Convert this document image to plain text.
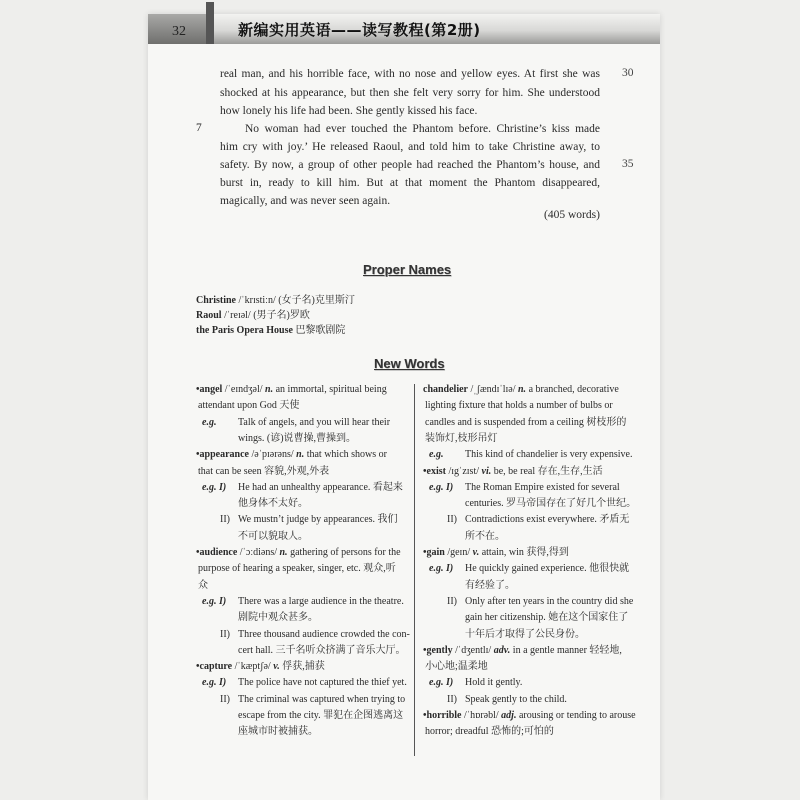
32	新编实用英语——读写教程(第2册)
real man, and his horrible face, with no nose and yellow eyes. At first she was
shocked at his appearance, but then she felt very sorry for him. She understood
how lonely his life had been. She gently kissed his face.
7	No woman had ever touched the Phantom before. Christine’s kiss made
him cry with joy.’ He released Raoul, and told him to take Christine away, to
safety. By now, a group of other people had reached the Phantom’s house, and
burst in, ready to kill him. But at that moment the Phantom disappeared,
magically, and was never seen again.
30
35
(405 words)
Proper Names
Christine /ˈkrɪstiːn/ (女子名)克里斯汀
Raoul /ˈreɪəl/ (男子名)罗欧
the Paris Opera House 巴黎歌剧院
New Words
•angel /ˈeɪndʒəl/ n. an immortal, spiritual being
attendant upon God 天使
e.g. Talk of angels, and you will hear their
wings. (谚)说曹操,曹操到。
•appearance /əˈpɪərəns/ n. that which shows or
that can be seen 容貌,外观,外表
e.g. I) He had an unhealthy appearance. 看起来
他身体不太好。
II) We mustn’t judge by appearances. 我们
不可以貌取人。
•audience /ˈɔːdiəns/ n. gathering of persons for the
purpose of hearing a speaker, singer, etc. 观众,听
众
e.g. I) There was a large audience in the theatre.
剧院中观众甚多。
II) Three thousand audience crowded the con-
cert hall. 三千名听众挤满了音乐大厅。
•capture /ˈkæptʃə/ v. 俘获,捕获
e.g. I) The police have not captured the thief yet.
II) The criminal was captured when trying to
escape from the city. 罪犯在企图逃离这
座城市时被捕获。
chandelier /ˌʃændɪˈlɪə/ n. a branched, decorative
lighting fixture that holds a number of bulbs or
candles and is suspended from a ceiling 树枝形的
装饰灯,枝形吊灯
e.g. This kind of chandelier is very expensive.
•exist /ɪgˈzɪst/ vi. be, be real 存在,生存,生活
e.g. I) The Roman Empire existed for several
centuries. 罗马帝国存在了好几个世纪。
II) Contradictions exist everywhere. 矛盾无
所不在。
•gain /geɪn/ v. attain, win 获得,得到
e.g. I) He quickly gained experience. 他很快就
有经验了。
II) Only after ten years in the country did she
gain her citizenship. 她在这个国家住了
十年后才取得了公民身份。
•gently /ˈdʒentlɪ/ adv. in a gentle manner 轻轻地,
小心地;温柔地
e.g. I) Hold it gently.
II) Speak gently to the child.
•horrible /ˈhɒrəbl/ adj. arousing or tending to arouse
horror; dreadful 恐怖的;可怕的
